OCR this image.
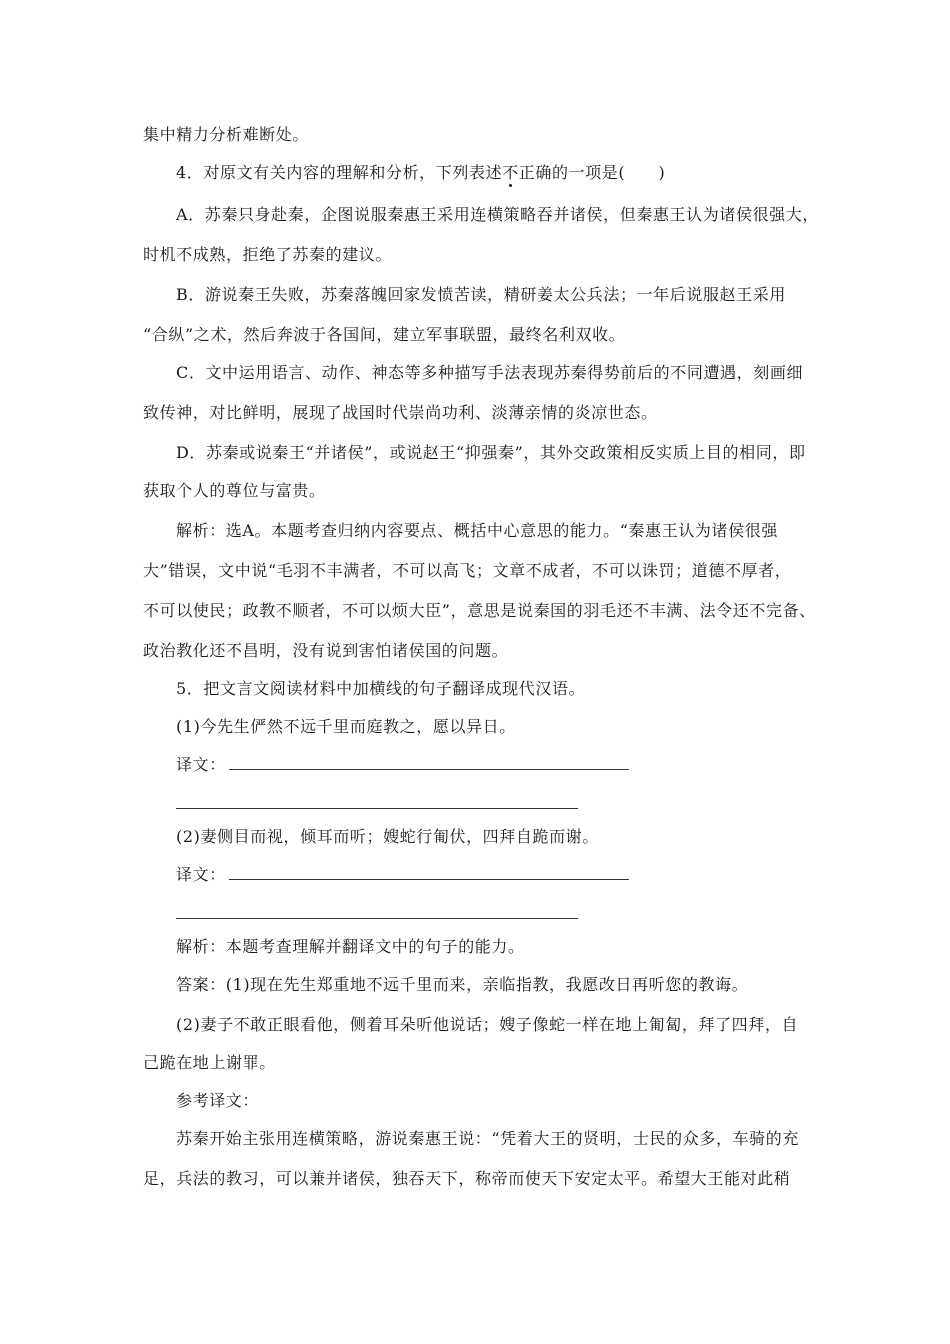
集中精力分析难断处。
4．对原文有关内容的理解和分析，下列表述不正确的一项是(　　)
A．苏秦只身赴秦，企图说服秦惠王采用连横策略吞并诸侯，但秦惠王认为诸侯很强大，
时机不成熟，拒绝了苏秦的建议。
B．游说秦王失败，苏秦落魄回家发愤苦读，精研姜太公兵法；一年后说服赵王采用
“合纵”之术，然后奔波于各国间，建立军事联盟，最终名利双收。
C．文中运用语言、动作、神态等多种描写手法表现苏秦得势前后的不同遭遇，刻画细
致传神，对比鲜明，展现了战国时代崇尚功利、淡薄亲情的炎凉世态。
D．苏秦或说秦王“并诸侯”，或说赵王“抑强秦”，其外交政策相反实质上目的相同，即
获取个人的尊位与富贵。
解析：选A。本题考查归纳内容要点、概括中心意思的能力。“秦惠王认为诸侯很强
大”错误，文中说“毛羽不丰满者，不可以高飞；文章不成者，不可以诛罚；道德不厚者，
不可以使民；政教不顺者，不可以烦大臣”，意思是说秦国的羽毛还不丰满、法令还不完备、
政治教化还不昌明，没有说到害怕诸侯国的问题。
5．把文言文阅读材料中加横线的句子翻译成现代汉语。
(1)今先生俨然不远千里而庭教之，愿以异日。
译文：
(2)妻侧目而视，倾耳而听；嫂蛇行匍伏，四拜自跪而谢。
译文：
解析：本题考查理解并翻译文中的句子的能力。
答案：(1)现在先生郑重地不远千里而来，亲临指教，我愿改日再听您的教诲。
(2)妻子不敢正眼看他，侧着耳朵听他说话；嫂子像蛇一样在地上匍匐，拜了四拜，自
己跪在地上谢罪。
参考译文：
苏秦开始主张用连横策略，游说秦惠王说：“凭着大王的贤明，士民的众多，车骑的充
足，兵法的教习，可以兼并诸侯，独吞天下，称帝而使天下安定太平。希望大王能对此稍
